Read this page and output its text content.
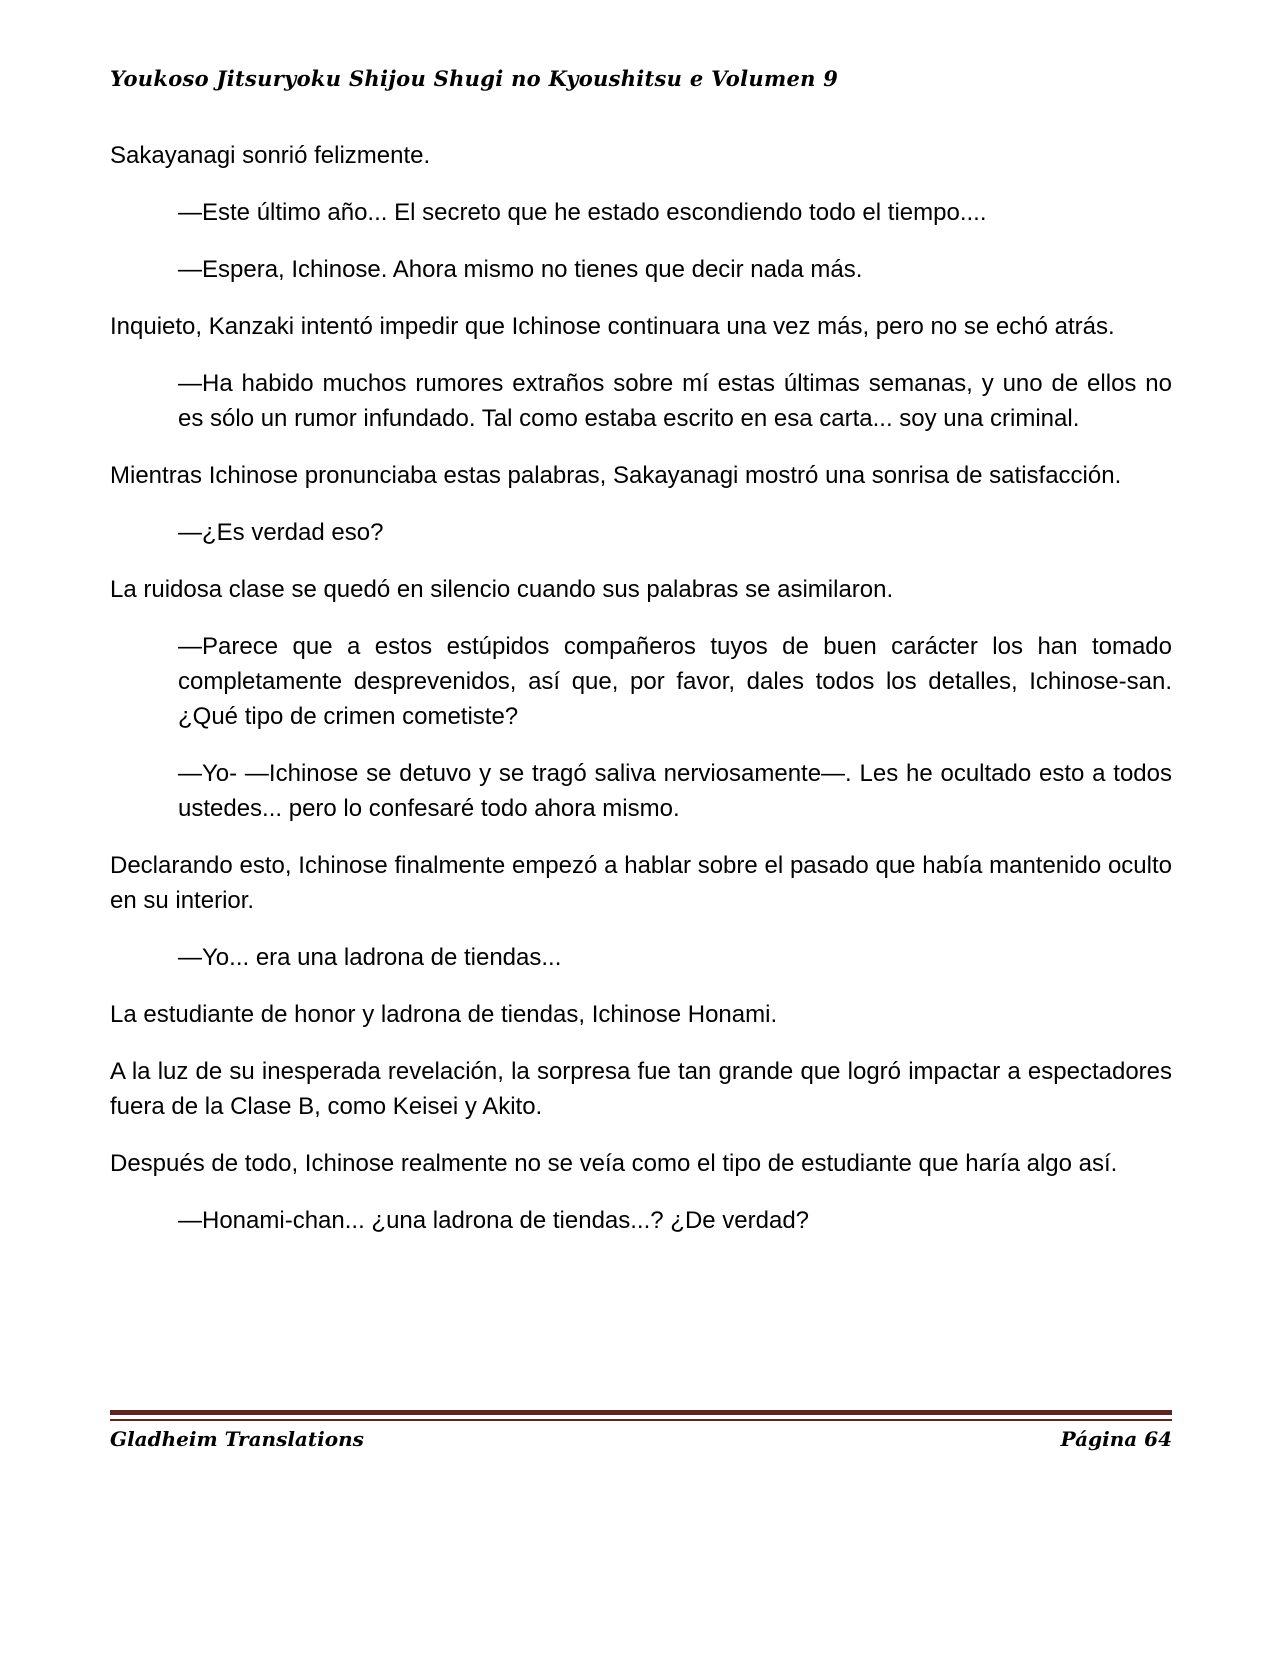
Youkoso Jitsuryoku Shijou Shugi no Kyoushitsu e Volumen 9

Sakayanagi sonrió felizmente.

—Este último año... El secreto que he estado escondiendo todo el tiempo....

—Espera, Ichinose. Ahora mismo no tienes que decir nada más.

Inquieto, Kanzaki intentó impedir que Ichinose continuara una vez más, pero no se echó atrás.

—Ha habido muchos rumores extraños sobre mí estas últimas semanas, y uno de ellos no es sólo un rumor infundado. Tal como estaba escrito en esa carta... soy una criminal.

Mientras Ichinose pronunciaba estas palabras, Sakayanagi mostró una sonrisa de satisfacción.

—¿Es verdad eso?

La ruidosa clase se quedó en silencio cuando sus palabras se asimilaron.

—Parece que a estos estúpidos compañeros tuyos de buen carácter los han tomado completamente desprevenidos, así que, por favor, dales todos los detalles, Ichinose-san. ¿Qué tipo de crimen cometiste?

—Yo- —Ichinose se detuvo y se tragó saliva nerviosamente—. Les he ocultado esto a todos ustedes... pero lo confesaré todo ahora mismo.

Declarando esto, Ichinose finalmente empezó a hablar sobre el pasado que había mantenido oculto en su interior.

—Yo... era una ladrona de tiendas...

La estudiante de honor y ladrona de tiendas, Ichinose Honami.

A la luz de su inesperada revelación, la sorpresa fue tan grande que logró impactar a espectadores fuera de la Clase B, como Keisei y Akito.

Después de todo, Ichinose realmente no se veía como el tipo de estudiante que haría algo así.

—Honami-chan... ¿una ladrona de tiendas...? ¿De verdad?

Gladheim Translations	Página 64
